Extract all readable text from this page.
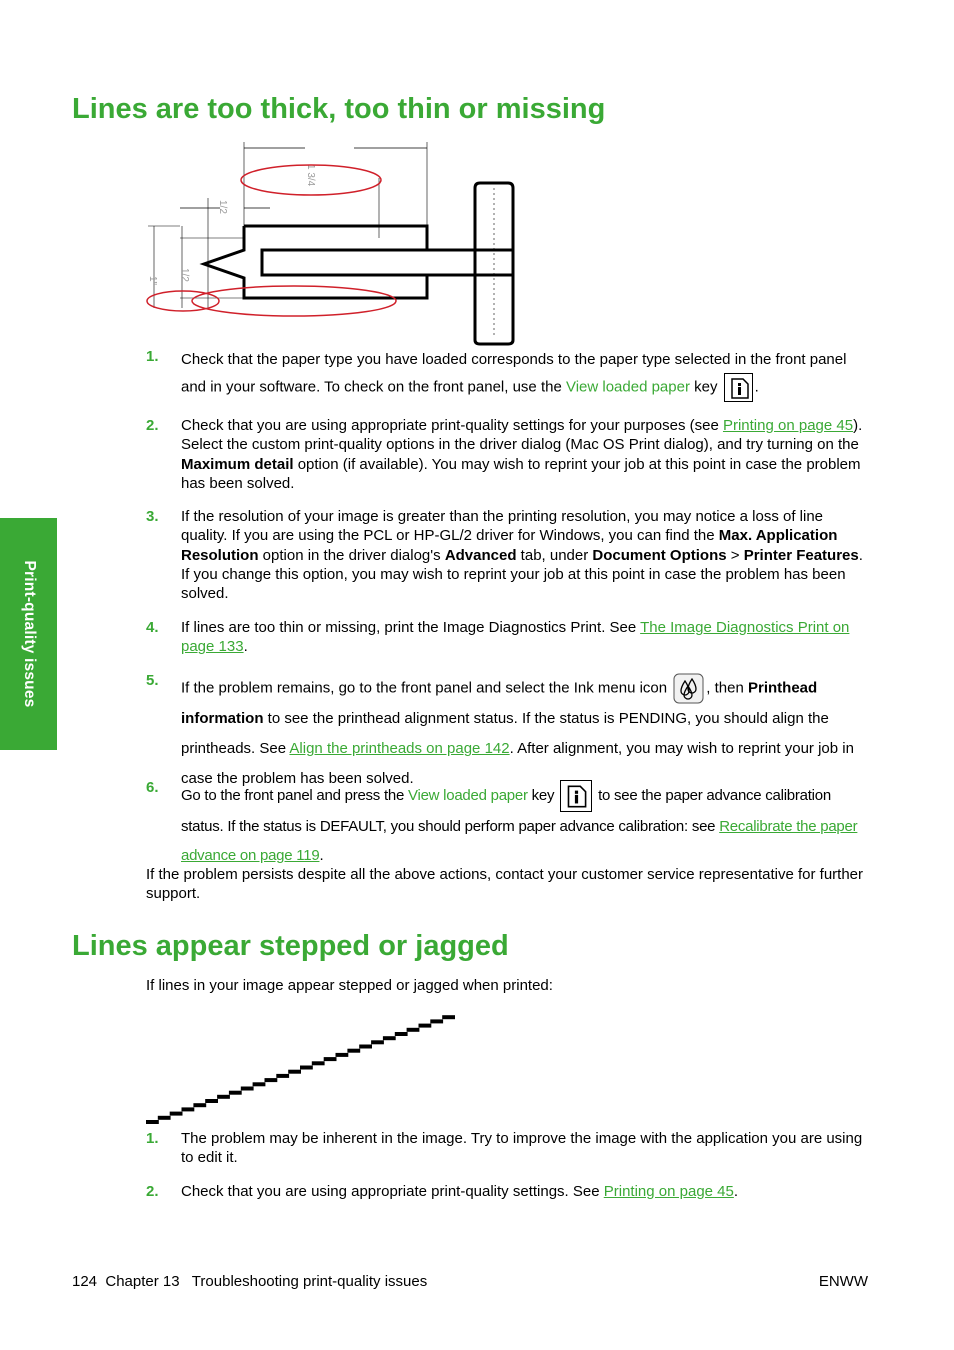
Print-quality issues
Lines are too thick, too thin or missing
1" 1/2
1/2
1 3/4
1. Check that the paper type you have loaded corresponds to the paper type selected in the front panel and in your software. To check on the front panel, use the View loaded paper key
.
2. Check that you are using appropriate print-quality settings for your purposes (see Printing on page 45). Select the custom print-quality options in the driver dialog (Mac OS Print dialog), and try turning on the Maximum detail option (if available). You may wish to reprint your job at this point in case the problem has been solved.
3. If the resolution of your image is greater than the printing resolution, you may notice a loss of line quality. If you are using the PCL or HP-GL/2 driver for Windows, you can find the Max. Application Resolution option in the driver dialog's Advanced tab, under Document Options > Printer Features. If you change this option, you may wish to reprint your job at this point in case the problem has been solved.
4. If lines are too thin or missing, print the Image Diagnostics Print. See The Image Diagnostics Print on page 133.
5. If the problem remains, go to the front panel and select the Ink menu icon
, then Printhead information to see the printhead alignment status. If the status is PENDING, you should align the printheads. See Align the printheads on page 142. After alignment, you may wish to reprint your job in case the problem has been solved.
6. Go to the front panel and press the View loaded paper key
to see the paper advance calibration status. If the status is DEFAULT, you should perform paper advance calibration: see Recalibrate the paper advance on page 119.
If the problem persists despite all the above actions, contact your customer service representative for further support.
Lines appear stepped or jagged
If lines in your image appear stepped or jagged when printed:
1. The problem may be inherent in the image. Try to improve the image with the application you are using to edit it.
2. Check that you are using appropriate print-quality settings. See Printing on page 45.
124  Chapter 13   Troubleshooting print-quality issues	ENWW
